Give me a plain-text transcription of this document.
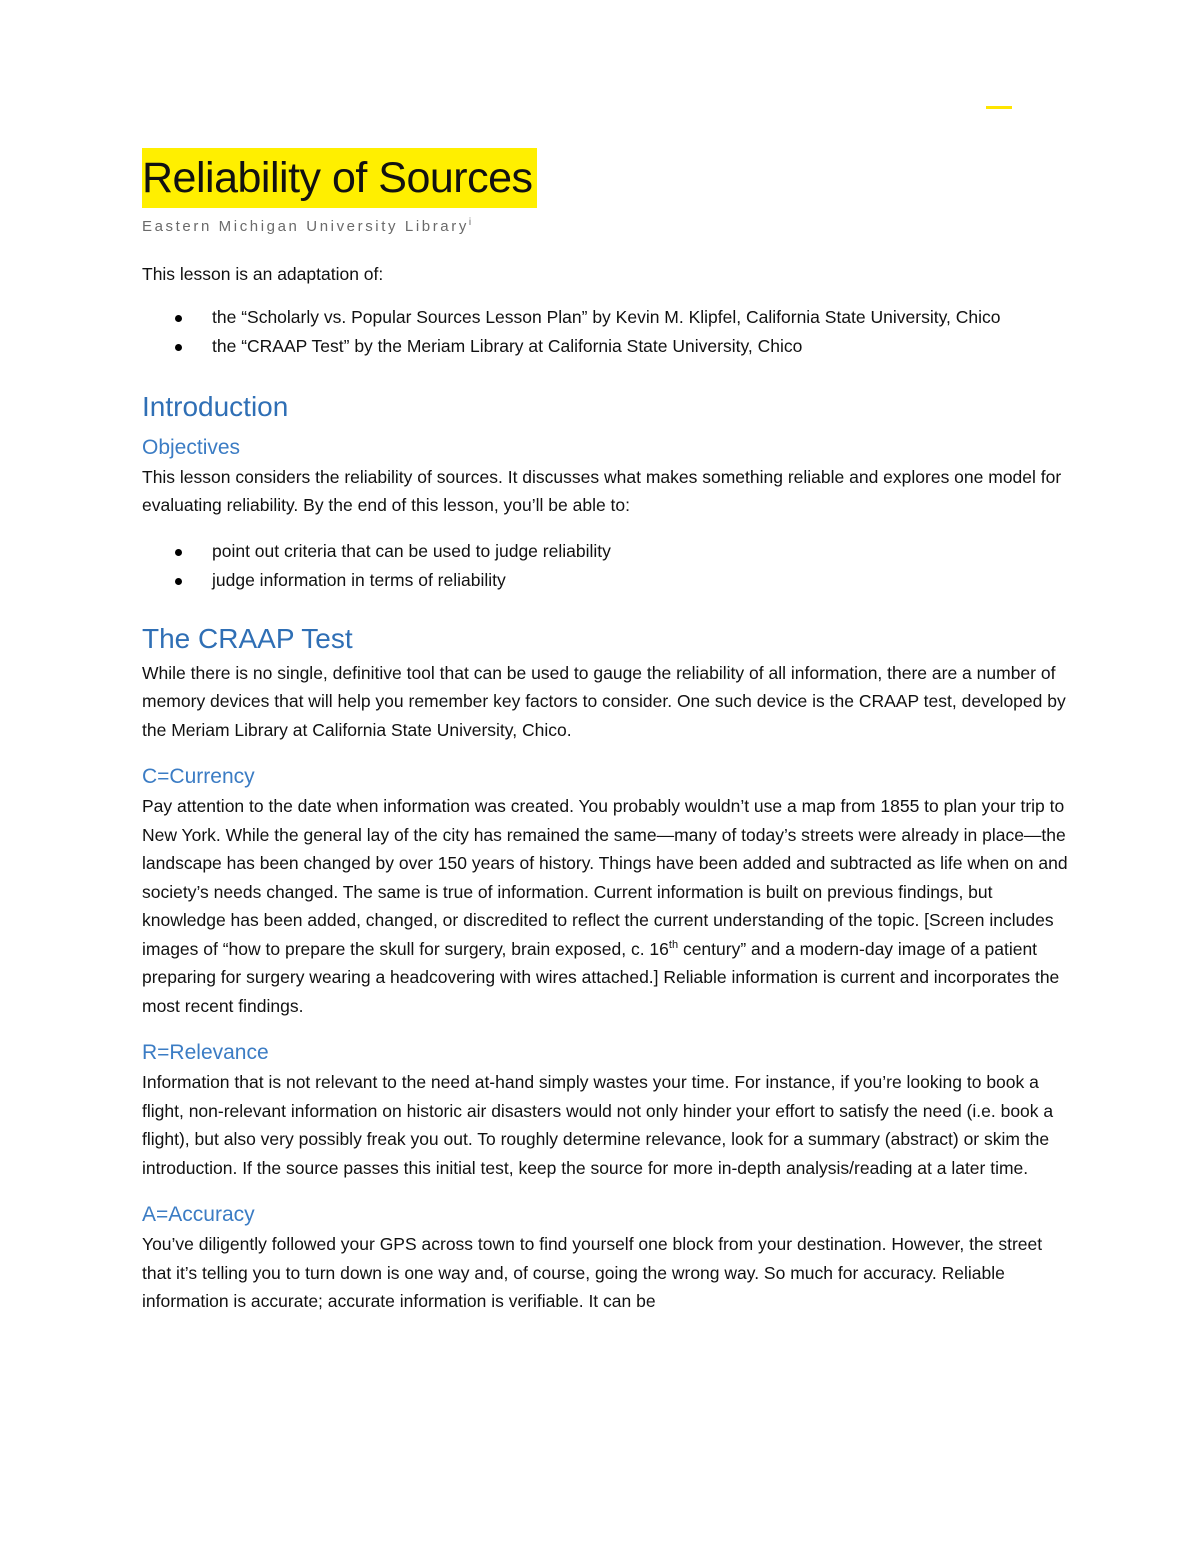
Reliability of Sources
Eastern Michigan University Library$^i$

This lesson is an adaptation of:

the “Scholarly vs. Popular Sources Lesson Plan” by Kevin M. Klipfel, California State University, Chico
the “CRAAP Test” by the Meriam Library at California State University, Chico
Introduction
Objectives

This lesson considers the reliability of sources. It discusses what makes something reliable and explores one model for evaluating reliability. By the end of this lesson, you’ll be able to:

point out criteria that can be used to judge reliability
judge information in terms of reliability
The CRAAP Test

While there is no single, definitive tool that can be used to gauge the reliability of all information, there are a number of memory devices that will help you remember key factors to consider. One such device is the CRAAP test, developed by the Meriam Library at California State University, Chico.

C=Currency

Pay attention to the date when information was created. You probably wouldn’t use a map from 1855 to plan your trip to New York. While the general lay of the city has remained the same—many of today’s streets were already in place—the landscape has been changed by over 150 years of history. Things have been added and subtracted as life when on and society’s needs changed. The same is true of information. Current information is built on previous findings, but knowledge has been added, changed, or discredited to reflect the current understanding of the topic. [Screen includes images of “how to prepare the skull for surgery, brain exposed, c. 16th century” and a modern-day image of a patient preparing for surgery wearing a headcovering with wires attached.] Reliable information is current and incorporates the most recent findings.

R=Relevance

Information that is not relevant to the need at-hand simply wastes your time. For instance, if you’re looking to book a flight, non-relevant information on historic air disasters would not only hinder your effort to satisfy the need (i.e. book a flight), but also very possibly freak you out. To roughly determine relevance, look for a summary (abstract) or skim the introduction. If the source passes this initial test, keep the source for more in-depth analysis/reading at a later time.

A=Accuracy

You’ve diligently followed your GPS across town to find yourself one block from your destination. However, the street that it’s telling you to turn down is one way and, of course, going the wrong way. So much for accuracy. Reliable information is accurate; accurate information is verifiable. It can be
